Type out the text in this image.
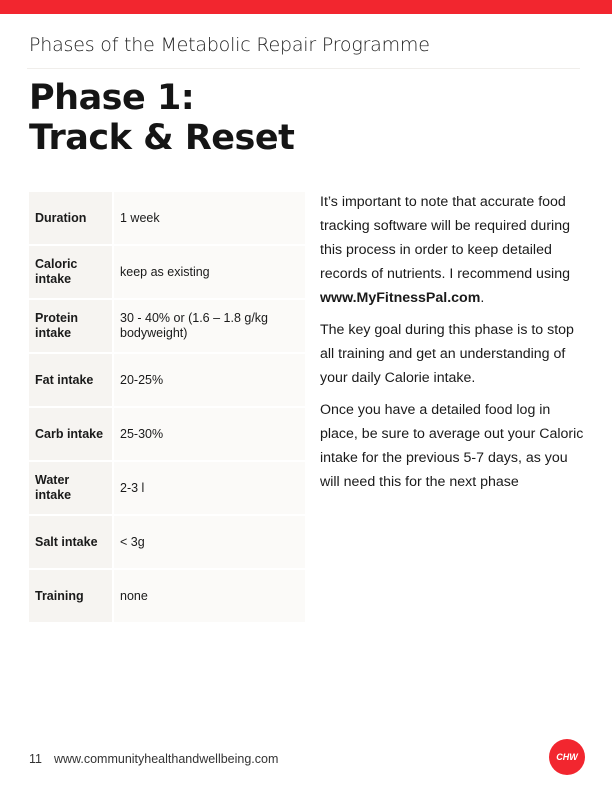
Phases of the Metabolic Repair Programme
Phase 1:
Track & Reset
Duration	1 week
Caloric intake	keep as existing
Protein intake	30 - 40% or (1.6 – 1.8 g/kg bodyweight)
Fat intake	20-25%
Carb intake	25-30%
Water intake	2-3 l
Salt intake	< 3g
Training	none

It’s important to note that accurate food tracking software will be required during this process in order to keep detailed records of nutrients. I recommend using www.MyFitnessPal.com.

The key goal during this phase is to stop all training and get an understanding of your daily Calorie intake.

Once you have a detailed food log in place, be sure to average out your Caloric intake for the previous 5-7 days, as you will need this for the next phase

11 www.communityhealthandwellbeing.com	CHW
